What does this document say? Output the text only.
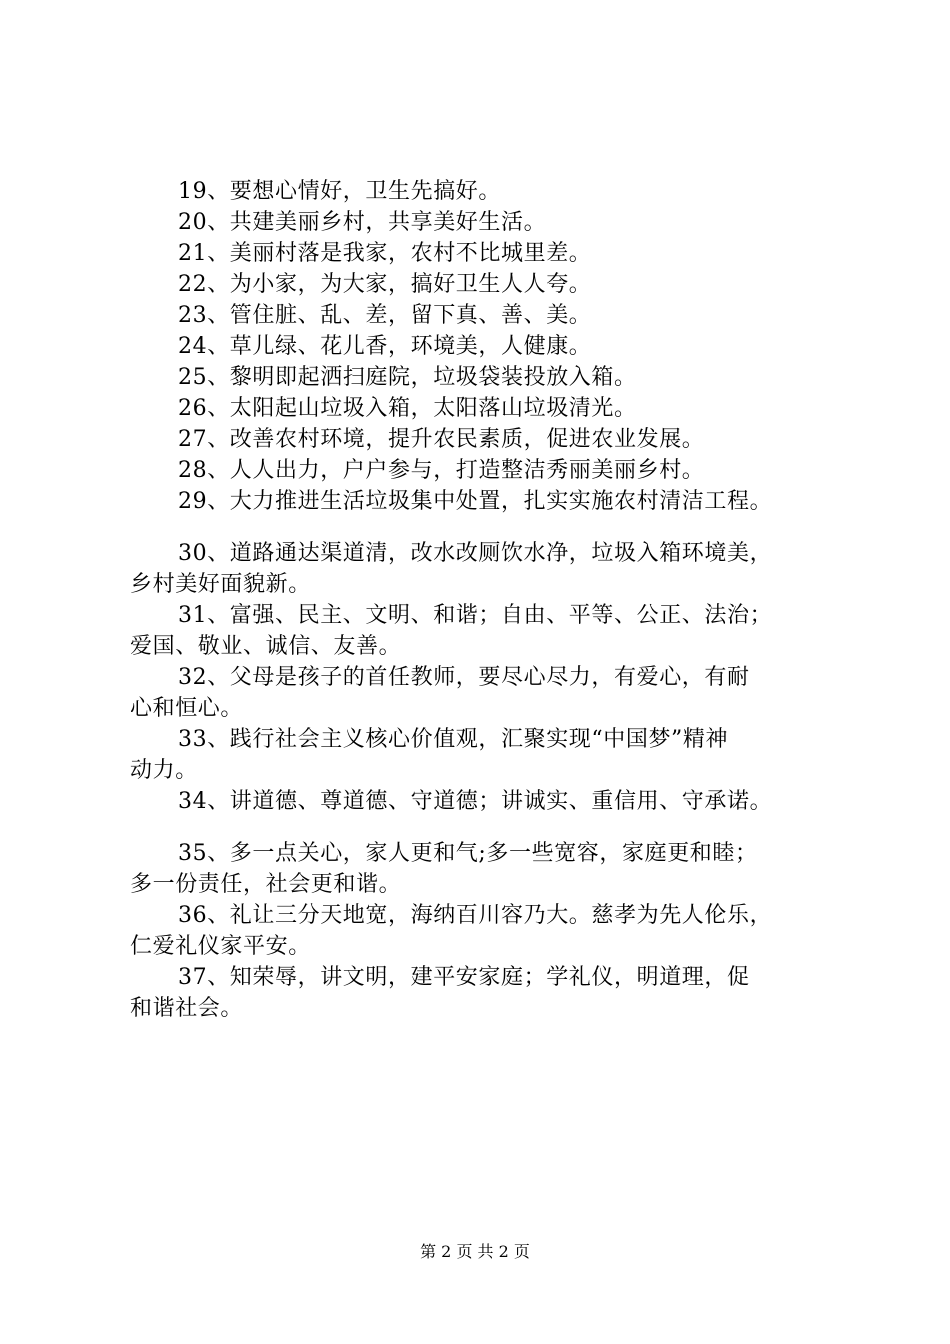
19、要想心情好，卫生先搞好。
20、共建美丽乡村，共享美好生活。
21、美丽村落是我家，农村不比城里差。
22、为小家，为大家，搞好卫生人人夸。
23、管住脏、乱、差，留下真、善、美。
24、草儿绿、花儿香，环境美，人健康。
25、黎明即起洒扫庭院，垃圾袋装投放入箱。
26、太阳起山垃圾入箱，太阳落山垃圾清光。
27、改善农村环境，提升农民素质，促进农业发展。
28、人人出力，户户参与，打造整洁秀丽美丽乡村。
29、大力推进生活垃圾集中处置，扎实实施农村清洁工程。
30、道路通达渠道清，改水改厕饮水净，垃圾入箱环境美，
乡村美好面貌新。
31、富强、民主、文明、和谐；自由、平等、公正、法治；
爱国、敬业、诚信、友善。
32、父母是孩子的首任教师，要尽心尽力，有爱心，有耐
心和恒心。
33、践行社会主义核心价值观，汇聚实现“中国梦”精神
动力。
34、讲道德、尊道德、守道德；讲诚实、重信用、守承诺。
35、多一点关心，家人更和气;多一些宽容，家庭更和睦；
多一份责任，社会更和谐。
36、礼让三分天地宽，海纳百川容乃大。慈孝为先人伦乐，
仁爱礼仪家平安。
37、知荣辱，讲文明，建平安家庭；学礼仪，明道理，促
和谐社会。
第 2 页 共 2 页
